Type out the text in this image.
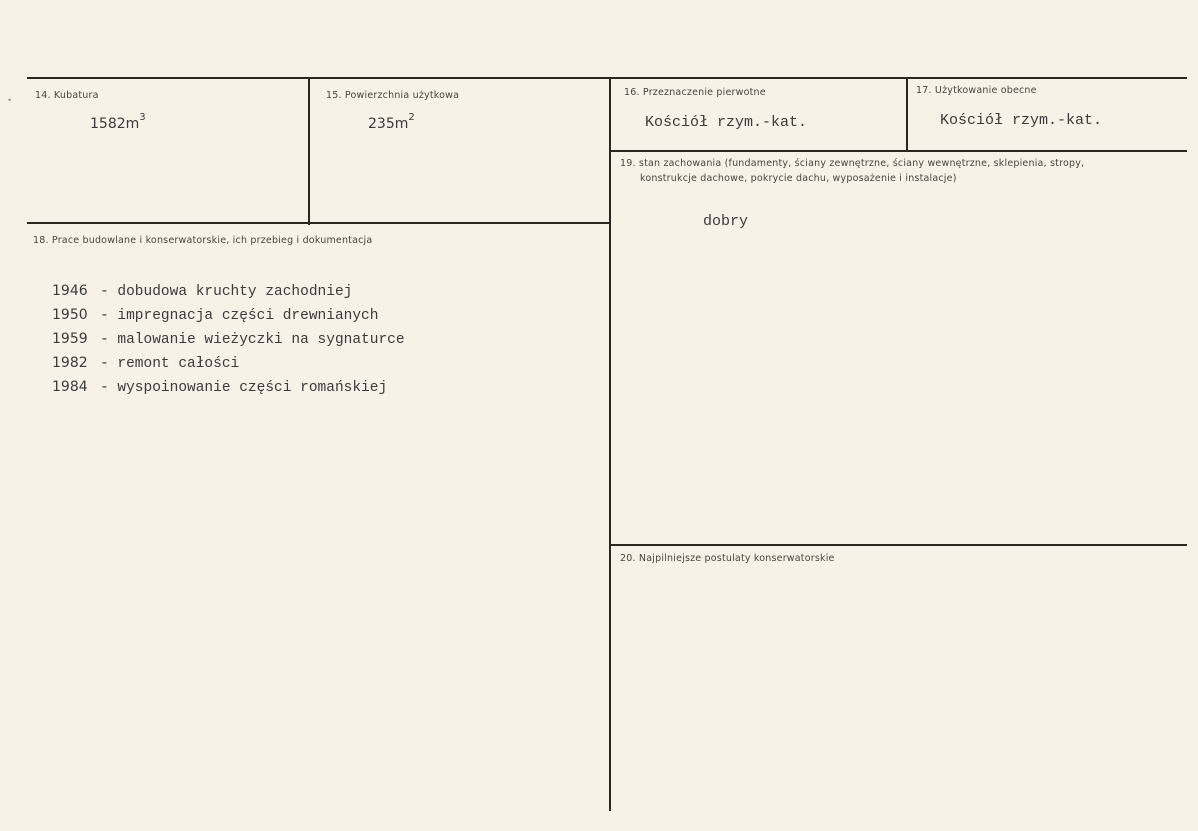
•	14. Kubatura
$1582m^3$
15. Powierzchnia użytkowa
$235m^2$
16. Przeznaczenie pierwotne
Kościół rzym.-kat.
17. Użytkowanie obecne
Kościół rzym.-kat.
19. stan zachowania (fundamenty, ściany zewnętrzne, ściany wewnętrzne, sklepienia, stropy,
konstrukcje dachowe, pokrycie dachu, wyposażenie i instalacje)
dobry
18. Prace budowlane i konserwatorskie, ich przebieg i dokumentacja
1946 - dobudowa kruchty zachodniej
1950 - impregnacja części drewnianych
1959 - malowanie wieżyczki na sygnaturce
1982 - remont całości
1984 - wyspoinowanie części romańskiej
20. Najpilniejsze postulaty konserwatorskie
